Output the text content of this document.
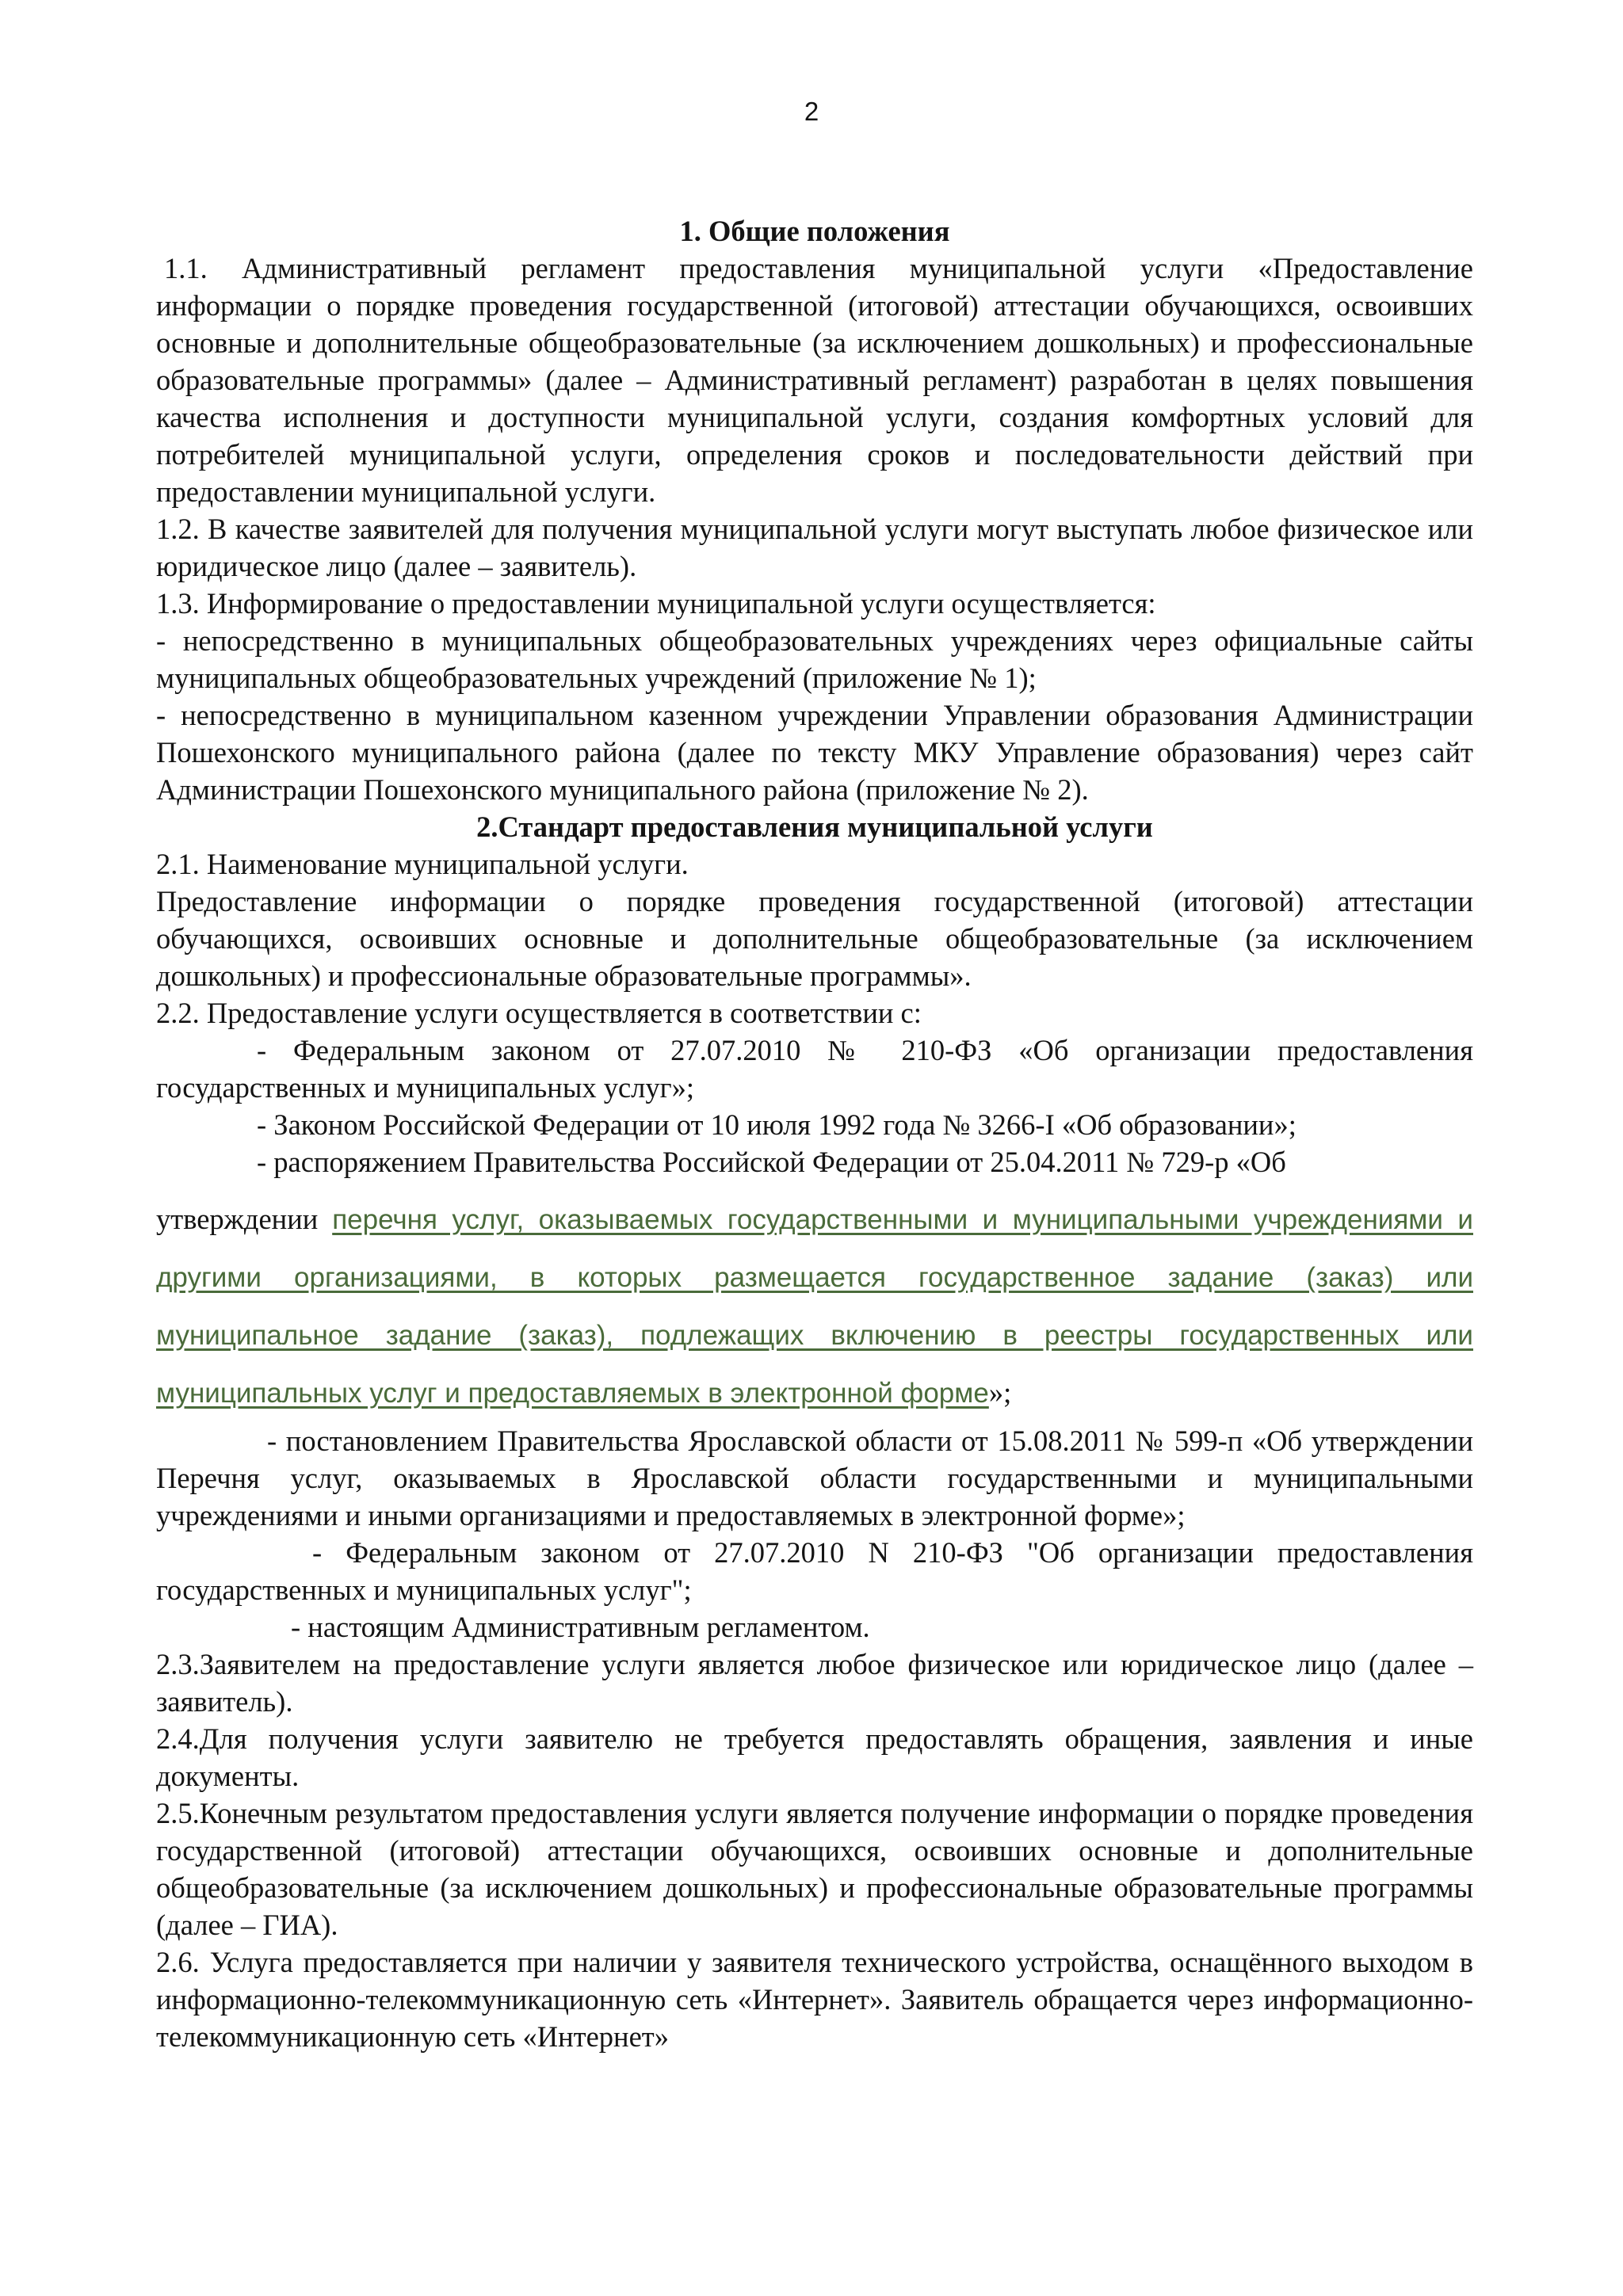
2

1. Общие положения

1.1. Административный регламент предоставления муниципальной услуги «Предоставление информации о порядке проведения государственной (итоговой) аттестации обучающихся, освоивших основные и дополнительные общеобразовательные (за исключением дошкольных) и профессиональные образовательные программы» (далее – Административный регламент) разработан в целях повышения качества исполнения и доступности муниципальной услуги, создания комфортных условий для потребителей муниципальной услуги, определения сроков и последовательности действий при предоставлении муниципальной услуги.

1.2. В качестве заявителей для получения муниципальной услуги могут выступать любое физическое или юридическое лицо (далее – заявитель).

1.3. Информирование о предоставлении муниципальной услуги осуществляется:

- непосредственно в муниципальных общеобразовательных учреждениях через официальные сайты муниципальных общеобразовательных учреждений (приложение № 1);

- непосредственно в муниципальном казенном учреждении Управлении образования Администрации Пошехонского муниципального района (далее по тексту МКУ Управление образования) через сайт Администрации Пошехонского муниципального района (приложение № 2).

2.Стандарт предоставления муниципальной услуги

2.1. Наименование муниципальной услуги.

Предоставление информации о порядке проведения государственной (итоговой) аттестации обучающихся, освоивших основные и дополнительные общеобразовательные (за исключением дошкольных) и профессиональные образовательные программы».

2.2. Предоставление услуги осуществляется в соответствии с:

- Федеральным законом от 27.07.2010 № 210-ФЗ «Об организации предоставления государственных и муниципальных услуг»;

- Законом Российской Федерации от 10 июля 1992 года № 3266-I «Об образовании»;

- распоряжением Правительства Российской Федерации от 25.04.2011 № 729-р «Об

утверждении перечня услуг, оказываемых государственными и муниципальными учреждениями и другими организациями, в которых размещается государственное задание (заказ) или муниципальное задание (заказ), подлежащих включению в реестры государственных или муниципальных услуг и предоставляемых в электронной форме»;

- постановлением Правительства Ярославской области от 15.08.2011 № 599-п «Об утверждении Перечня услуг, оказываемых в Ярославской области государственными и муниципальными учреждениями и иными организациями и предоставляемых в электронной форме»;

- Федеральным законом от 27.07.2010 N 210-ФЗ "Об организации предоставления государственных и муниципальных услуг";

- настоящим Административным регламентом.

2.3.Заявителем на предоставление услуги является любое физическое или юридическое лицо (далее – заявитель).

2.4.Для получения услуги заявителю не требуется предоставлять обращения, заявления и иные документы.

2.5.Конечным результатом предоставления услуги является получение информации о порядке проведения государственной (итоговой) аттестации обучающихся, освоивших основные и дополнительные общеобразовательные (за исключением дошкольных) и профессиональные образовательные программы (далее – ГИА).

2.6. Услуга предоставляется при наличии у заявителя технического устройства, оснащённого выходом в информационно-телекоммуникационную сеть «Интернет». Заявитель обращается через информационно-телекоммуникационную сеть «Интернет»
